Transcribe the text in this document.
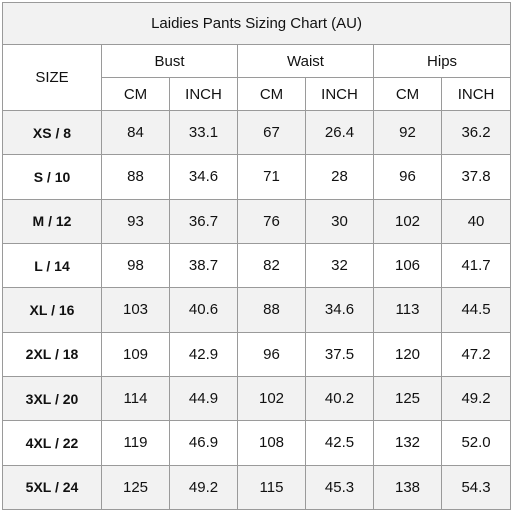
Laidies Pants Sizing Chart (AU)						
SIZE	Bust		Waist		Hips	
	CM	INCH	CM	INCH	CM	INCH
XS / 8	84	33.1	67	26.4	92	36.2
S / 10	88	34.6	71	28	96	37.8
M / 12	93	36.7	76	30	102	40
L / 14	98	38.7	82	32	106	41.7
XL / 16	103	40.6	88	34.6	113	44.5
2XL / 18	109	42.9	96	37.5	120	47.2
3XL / 20	114	44.9	102	40.2	125	49.2
4XL / 22	119	46.9	108	42.5	132	52.0
5XL / 24	125	49.2	115	45.3	138	54.3
